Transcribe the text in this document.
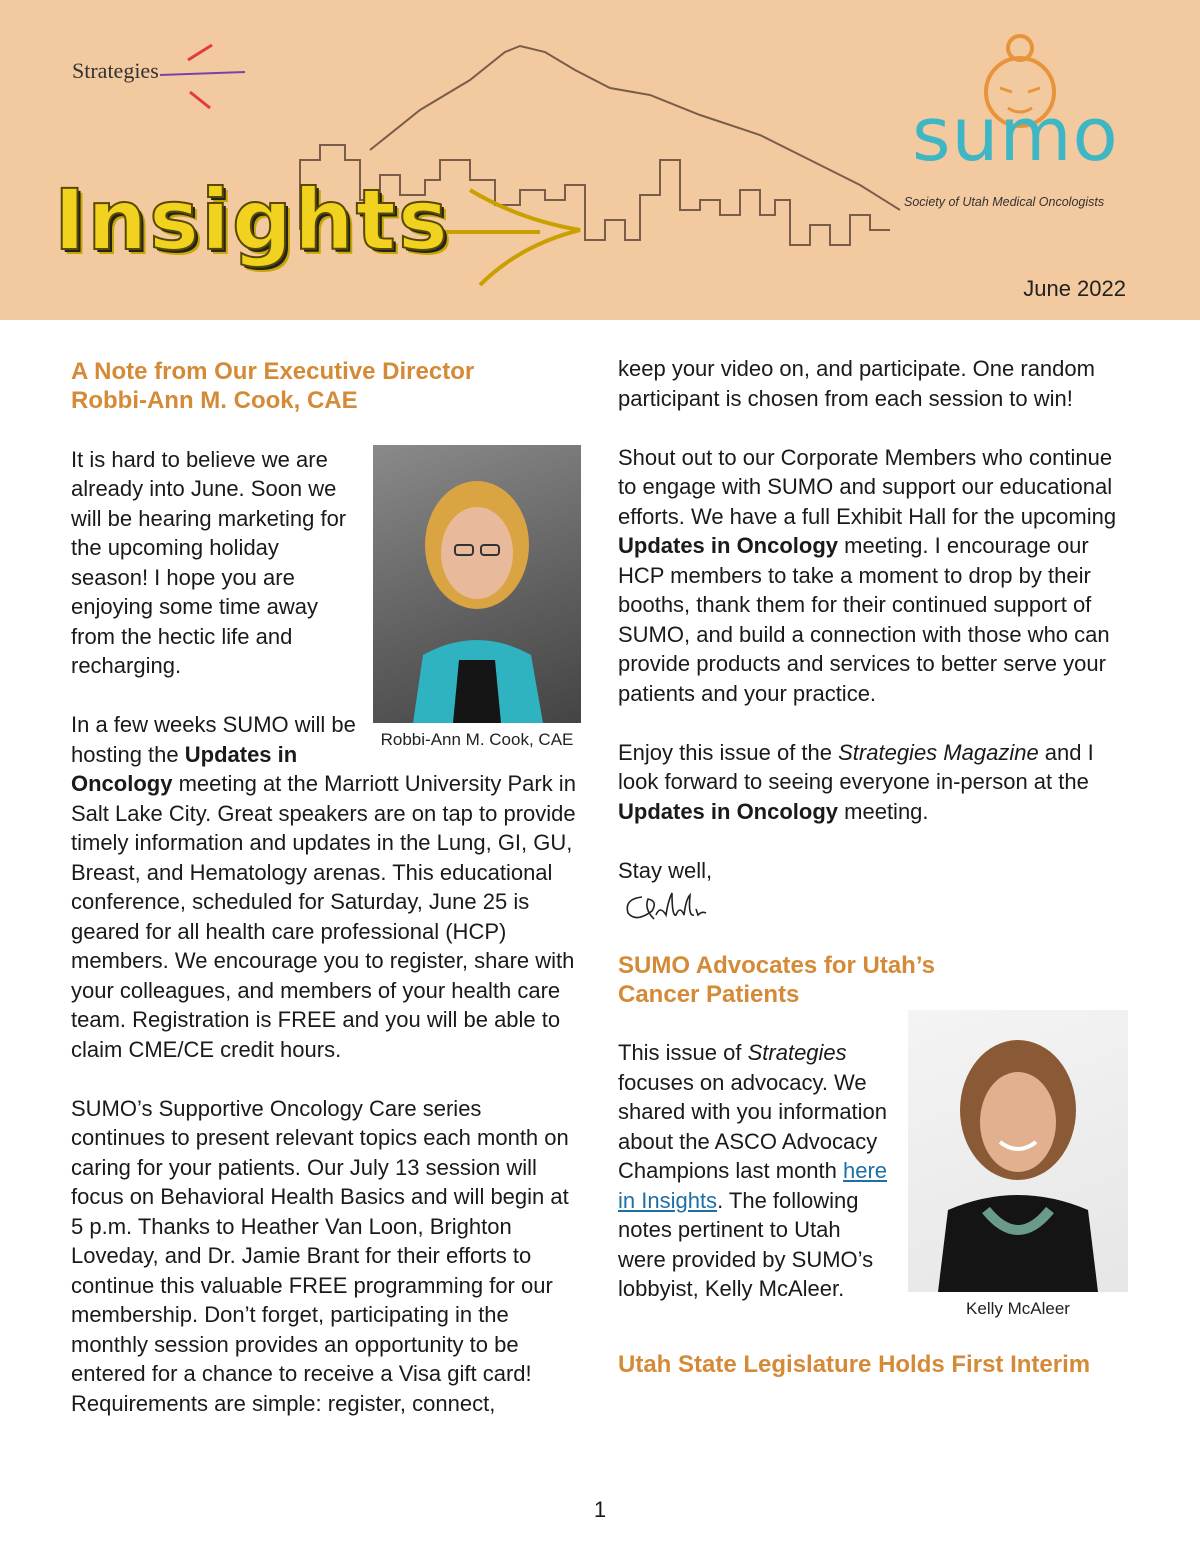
Strategies
Insights
sumo
Society of Utah Medical Oncologists
June 2022
A Note from Our Executive Director
Robbi-Ann M. Cook, CAE
Robbi-Ann M. Cook, CAE

It is hard to believe we are already into June. Soon we will be hearing marketing for the upcoming holiday season! I hope you are enjoying some time away from the hectic life and recharging.

In a few weeks SUMO will be hosting the Updates in Oncology meeting at the Marriott University Park in Salt Lake City. Great speakers are on tap to provide timely information and updates in the Lung, GI, GU, Breast, and Hematology arenas. This educational conference, scheduled for Saturday, June 25 is geared for all health care professional (HCP) members. We encourage you to register, share with your colleagues, and members of your health care team. Registration is FREE and you will be able to claim CME/CE credit hours.

SUMO’s Supportive Oncology Care series continues to present relevant topics each month on caring for your patients. Our July 13 session will focus on Behavioral Health Basics and will begin at 5 p.m. Thanks to Heather Van Loon, Brighton Loveday, and Dr. Jamie Brant for their efforts to continue this valuable FREE programming for our membership. Don’t forget, participating in the monthly session provides an opportunity to be entered for a chance to receive a Visa gift card! Requirements are simple: register, connect,

keep your video on, and participate. One random participant is chosen from each session to win!

Shout out to our Corporate Members who continue to engage with SUMO and support our educational efforts. We have a full Exhibit Hall for the upcoming Updates in Oncology meeting. I encourage our HCP members to take a moment to drop by their booths, thank them for their continued support of SUMO, and build a connection with those who can provide products and services to better serve your patients and your practice.

Enjoy this issue of the Strategies Magazine and I look forward to seeing everyone in-person at the Updates in Oncology meeting.

Stay well,

SUMO Advocates for Utah’s
Cancer Patients
Kelly McAleer

This issue of Strategies focuses on advocacy. We shared with you information about the ASCO Advocacy Champions last month here in Insights. The following notes pertinent to Utah were provided by SUMO’s lobbyist, Kelly McAleer.

Utah State Legislature Holds First Interim
1
